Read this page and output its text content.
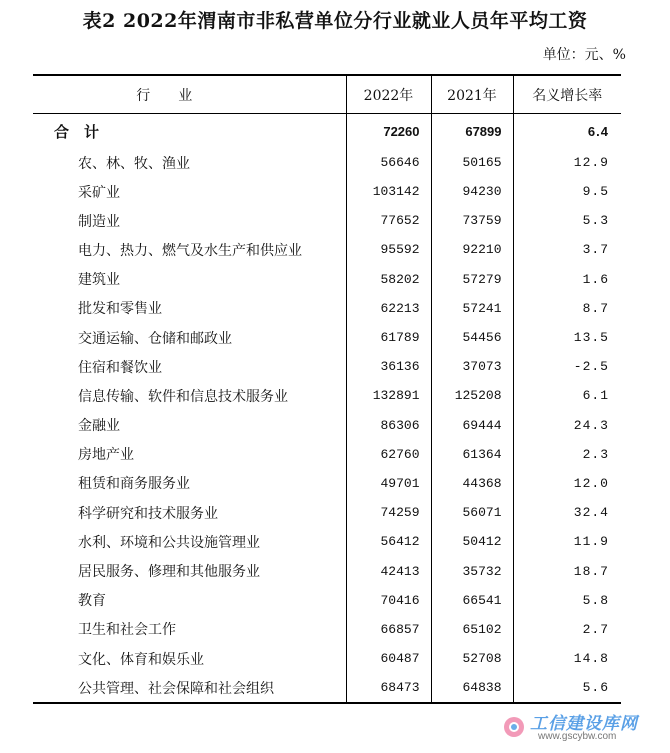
表2 2022年渭南市非私营单位分行业就业人员年平均工资
单位：元、%
行　　业	2022年	2021年	名义增长率
合　计	72260	67899	6.4
农、林、牧、渔业	56646	50165	12.9
采矿业	103142	94230	9.5
制造业	77652	73759	5.3
电力、热力、燃气及水生产和供应业	95592	92210	3.7
建筑业	58202	57279	1.6
批发和零售业	62213	57241	8.7
交通运输、仓储和邮政业	61789	54456	13.5
住宿和餐饮业	36136	37073	-2.5
信息传输、软件和信息技术服务业	132891	125208	6.1
金融业	86306	69444	24.3
房地产业	62760	61364	2.3
租赁和商务服务业	49701	44368	12.0
科学研究和技术服务业	74259	56071	32.4
水利、环境和公共设施管理业	56412	50412	11.9
居民服务、修理和其他服务业	42413	35732	18.7
教育	70416	66541	5.8
卫生和社会工作	66857	65102	2.7
文化、体育和娱乐业	60487	52708	14.8
公共管理、社会保障和社会组织	68473	64838	5.6
工信建设库网
www.gscybw.com
